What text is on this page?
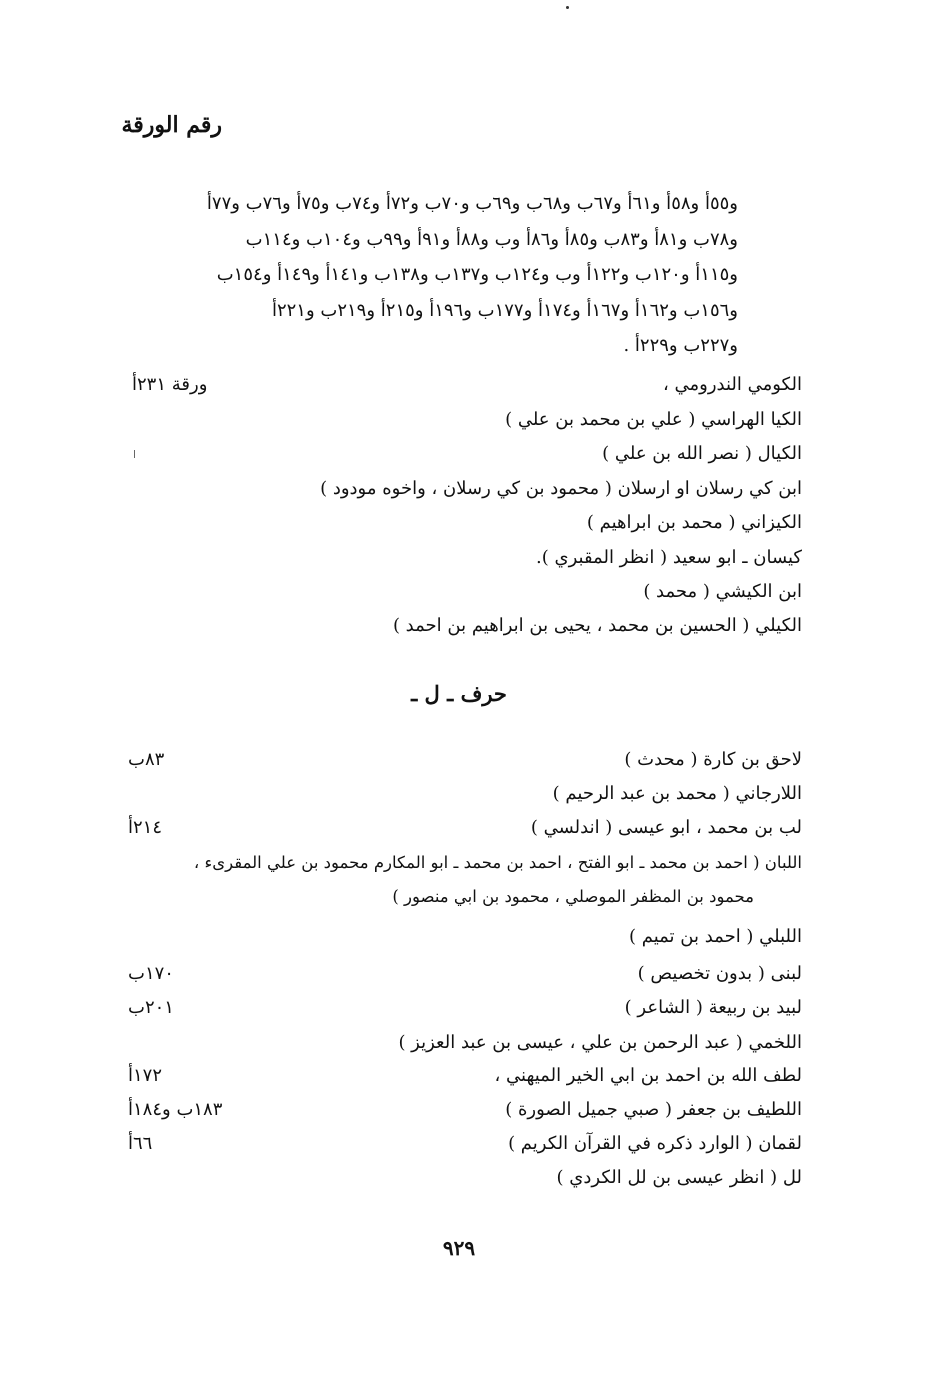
رقم الورقة
و٥٥أ و٥٨أ و٦١أ و٦٧ب و٦٨ب و٦٩ب و٧٠ب و٧٢أ و٧٤ب و٧٥أ و٧٦ب و٧٧أ
و٧٨ب و٨١أ و٨٣ب و٨٥أ و٨٦أ وب و٨٨أ و٩١أ و٩٩ب و١٠٤ب و١١٤ب
و١١٥أ و١٢٠ب و١٢٢أ وب و١٢٤ب و١٣٧ب و١٣٨ب و١٤١أ و١٤٩أ و١٥٤ب
و١٥٦ب و١٦٢أ و١٦٧أ و١٧٤أ و١٧٧ب و١٩٦أ و٢١٥أ و٢١٩ب و٢٢١أ
و٢٢٧ب و٢٢٩أ .
الكومي الندرومي ،
ورقة ٢٣١أ
الكيا الهراسي ( علي بن محمد بن علي )
الكيال ( نصر الله بن علي )
ابن كي رسلان او ارسلان ( محمود بن كي رسلان ، واخوه مودود )
الكيزاني ( محمد بن ابراهيم )
كيسان ـ ابو سعيد ( انظر المقبري ).
ابن الكيشي ( محمد )
الكيلي ( الحسين بن محمد ، يحيى بن ابراهيم بن احمد )
حرف ـ ل ـ
لاحق بن كارة ( محدث )
٨٣ب
اللارجاني ( محمد بن عبد الرحيم )
لب بن محمد ، ابو عيسى ( اندلسي )
٢١٤أ
اللبان ( احمد بن محمد ـ ابو الفتح ، احمد بن محمد ـ ابو المكارم محمود بن علي المقرىء ،
محمود بن المظفر الموصلي ، محمود بن ابي منصور )
اللبلي ( احمد بن تميم )
لبنى ( بدون تخصيص )
١٧٠ب
لبيد بن ربيعة ( الشاعر )
٢٠١ب
اللخمي ( عبد الرحمن بن علي ، عيسى بن عبد العزيز )
لطف الله بن احمد بن ابي الخير الميهني ،
١٧٢أ
اللطيف بن جعفر ( صبي جميل الصورة )
١٨٣ب و١٨٤أ
لقمان ( الوارد ذكره في القرآن الكريم )
٦٦أ
لل ( انظر عيسى بن لل الكردي )
٩٢٩
